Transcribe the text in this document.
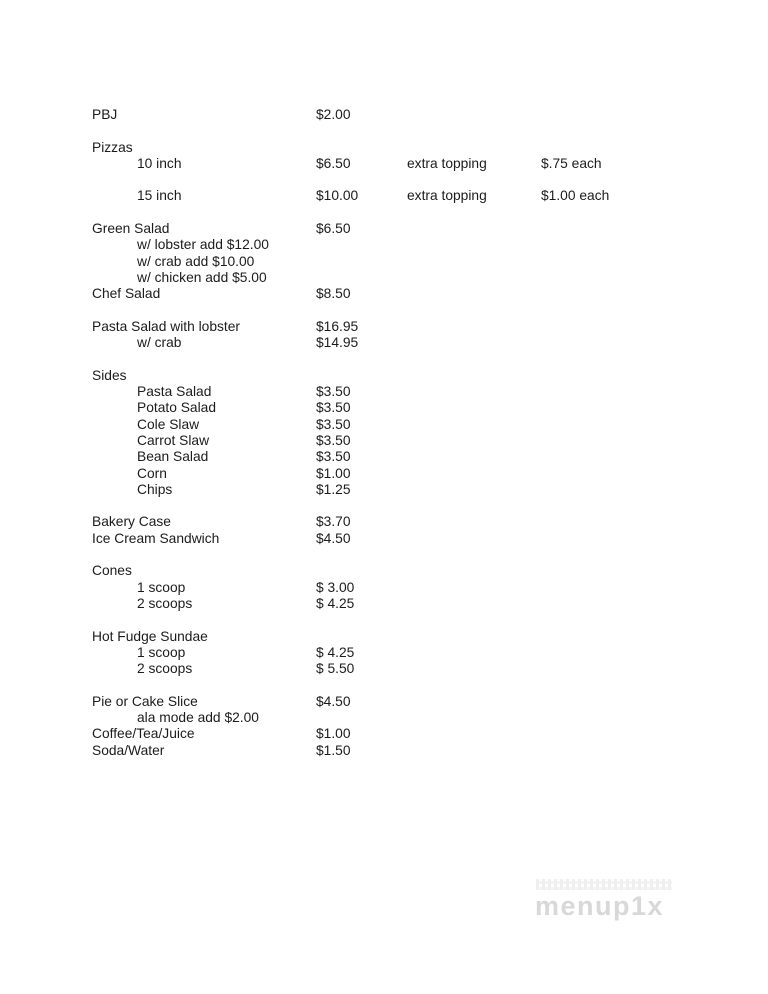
PBJ	$2.00
Pizzas
10 inch	$6.50	extra topping	$.75 each
15 inch	$10.00	extra topping	$1.00 each
Green Salad	$6.50
w/ lobster add $12.00
w/ crab add $10.00
w/ chicken add $5.00
Chef Salad	$8.50
Pasta Salad with lobster	$16.95
w/ crab	$14.95
Sides
Pasta Salad	$3.50
Potato Salad	$3.50
Cole Slaw	$3.50
Carrot Slaw	$3.50
Bean Salad	$3.50
Corn	$1.00
Chips	$1.25
Bakery Case	$3.70
Ice Cream Sandwich	$4.50
Cones
1 scoop	$ 3.00
2 scoops	$ 4.25
Hot Fudge Sundae
1 scoop	$ 4.25
2 scoops	$ 5.50
Pie or Cake Slice	$4.50
ala mode add $2.00
Coffee/Tea/Juice	$1.00
Soda/Water	$1.50
menup1x
